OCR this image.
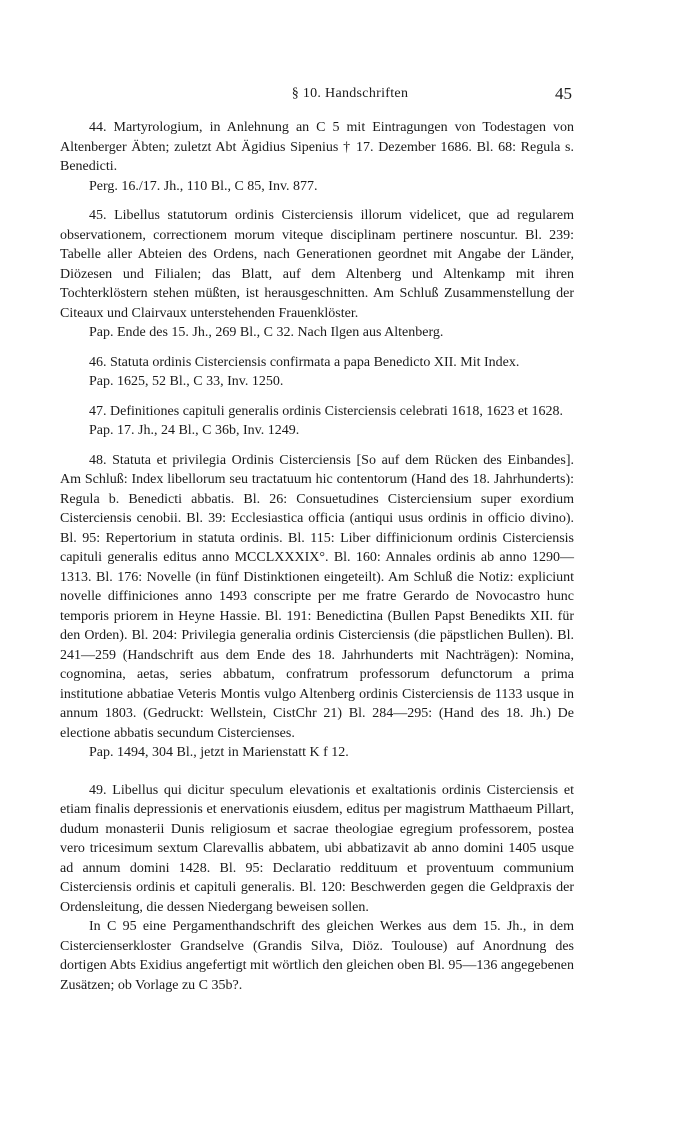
§ 10. Handschriften	45

44. Martyrologium, in Anlehnung an C 5 mit Eintragungen von Todestagen von Altenberger Äbten; zuletzt Abt Ägidius Sipenius † 17. Dezember 1686. Bl. 68: Regula s. Benedicti.

Perg. 16./17. Jh., 110 Bl., C 85, Inv. 877.

45. Libellus statutorum ordinis Cisterciensis illorum videlicet, que ad regularem observationem, correctionem morum viteque disciplinam pertinere noscuntur. Bl. 239: Tabelle aller Abteien des Ordens, nach Generationen geordnet mit Angabe der Länder, Diözesen und Filialen; das Blatt, auf dem Altenberg und Altenkamp mit ihren Tochterklöstern stehen müßten, ist herausgeschnitten. Am Schluß Zusammenstellung der Citeaux und Clairvaux unterstehenden Frauenklöster.

Pap. Ende des 15. Jh., 269 Bl., C 32. Nach Ilgen aus Altenberg.

46. Statuta ordinis Cisterciensis confirmata a papa Benedicto XII. Mit Index.

Pap. 1625, 52 Bl., C 33, Inv. 1250.

47. Definitiones capituli generalis ordinis Cisterciensis celebrati 1618, 1623 et 1628.

Pap. 17. Jh., 24 Bl., C 36b, Inv. 1249.

48. Statuta et privilegia Ordinis Cisterciensis [So auf dem Rücken des Einbandes]. Am Schluß: Index libellorum seu tractatuum hic contentorum (Hand des 18. Jahrhunderts): Regula b. Benedicti abbatis. Bl. 26: Consuetudines Cisterciensium super exordium Cisterciensis cenobii. Bl. 39: Ecclesiastica officia (antiqui usus ordinis in officio divino). Bl. 95: Repertorium in statuta ordinis. Bl. 115: Liber diffinicionum ordinis Cisterciensis capituli generalis editus anno MCCLXXXIX°. Bl. 160: Annales ordinis ab anno 1290—1313. Bl. 176: Novelle (in fünf Distinktionen eingeteilt). Am Schluß die Notiz: expliciunt novelle diffiniciones anno 1493 conscripte per me fratre Gerardo de Novocastro hunc temporis priorem in Heyne Hassie. Bl. 191: Benedictina (Bullen Papst Benedikts XII. für den Orden). Bl. 204: Privilegia generalia ordinis Cisterciensis (die päpstlichen Bullen). Bl. 241—259 (Handschrift aus dem Ende des 18. Jahrhunderts mit Nachträgen): Nomina, cognomina, aetas, series abbatum, confratrum professorum defunctorum a prima institutione abbatiae Veteris Montis vulgo Altenberg ordinis Cisterciensis de 1133 usque in annum 1803. (Gedruckt: Wellstein, CistChr 21) Bl. 284—295: (Hand des 18. Jh.) De electione abbatis secundum Cistercienses.

Pap. 1494, 304 Bl., jetzt in Marienstatt K f 12.

49. Libellus qui dicitur speculum elevationis et exaltationis ordinis Cisterciensis et etiam finalis depressionis et enervationis eiusdem, editus per magistrum Matthaeum Pillart, dudum monasterii Dunis religiosum et sacrae theologiae egregium professorem, postea vero tricesimum sextum Clarevallis abbatem, ubi abbatizavit ab anno domini 1405 usque ad annum domini 1428. Bl. 95: Declaratio reddituum et proventuum communium Cisterciensis ordinis et capituli generalis. Bl. 120: Beschwerden gegen die Geldpraxis der Ordensleitung, die dessen Niedergang beweisen sollen.

In C 95 eine Pergamenthandschrift des gleichen Werkes aus dem 15. Jh., in dem Cistercienserkloster Grandselve (Grandis Silva, Diöz. Toulouse) auf Anordnung des dortigen Abts Exidius angefertigt mit wörtlich den gleichen oben Bl. 95—136 angegebenen Zusätzen; ob Vorlage zu C 35b?.
